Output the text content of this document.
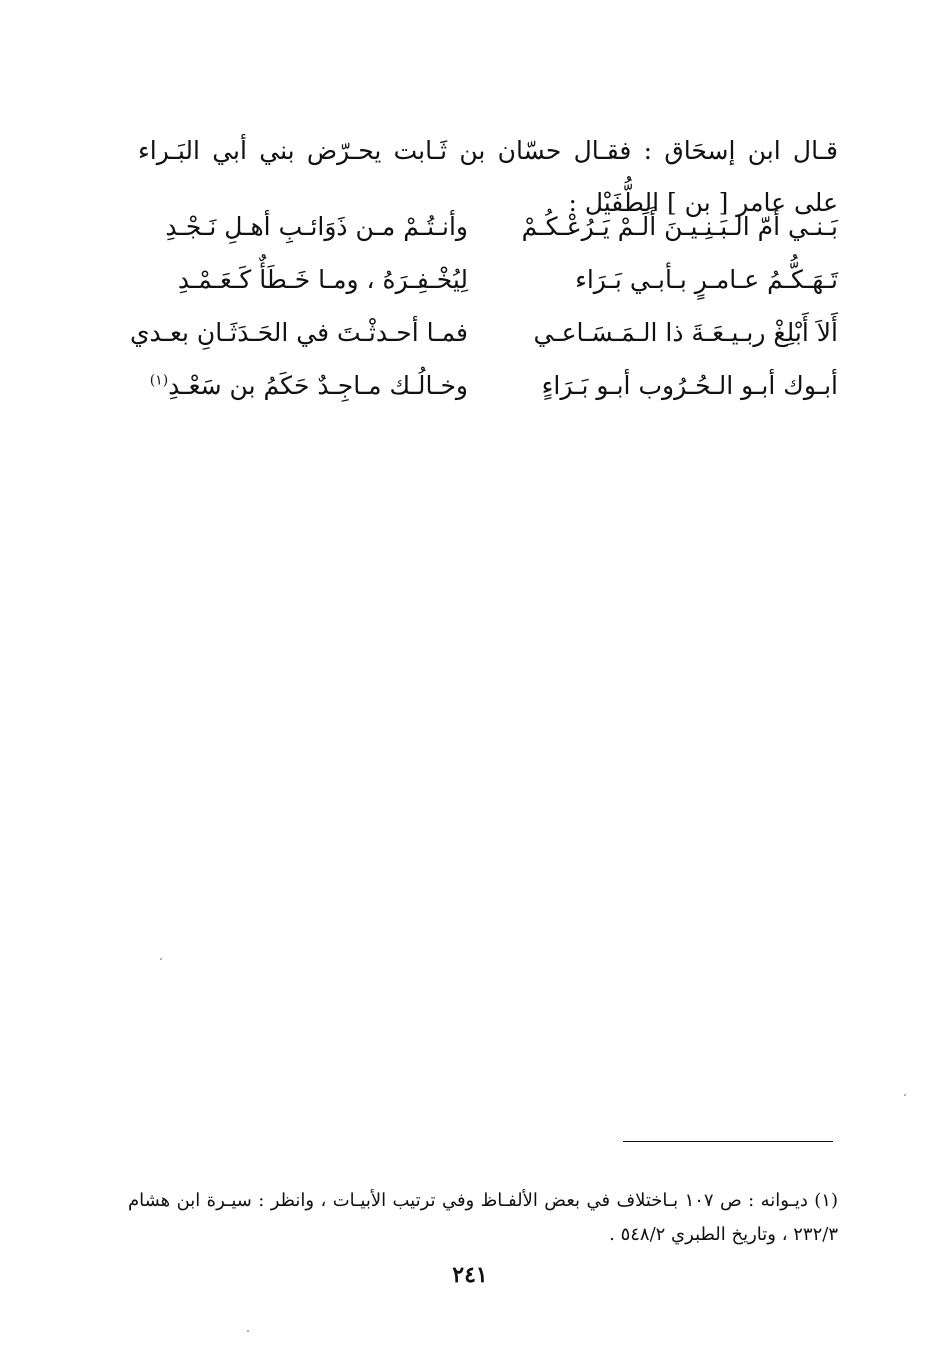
قـال ابن إسحَاق : فقـال حسّان بن ثَـابت يحـرّض بني أبي البَـراء على عامر [ بن ] الطُّفَيْل :

بَـنـي أمّ الـبَـنِـيـنَ أَلَـمْ يَـرُعْـكُـمْ
وأنـتُـمْ مـن ذَوَائـبِ أهـلِ نَـجْـدِ
تَـهَـكُّـمُ عـامـرٍ بـأبـي بَـرَاء
لِيُخْـفِـرَهُ ، ومـا خَـطَأٌ كَـعَـمْـدِ
أَلاَ أَبْلِغْ ربـيـعَـةَ ذا الـمَـسَـاعـي
فمـا أحـدثْـتَ في الحَـدَثَـانِ بعـدي
أبـوك أبـو الـحُـرُوب أبـو بَـرَاءٍ
وخـالُـك مـاجِـدٌ حَكَمُ بن سَعْـدِ$^{(١)}$

(١) ديـوانه : ص ١٠٧ بـاختلاف في بعض الألفـاظ وفي ترتيب الأبيـات ، وانظر : سيـرة ابن هشام ٢٣٢/٣ ، وتاريخ الطبري ٥٤٨/٢ .

٢٤١
